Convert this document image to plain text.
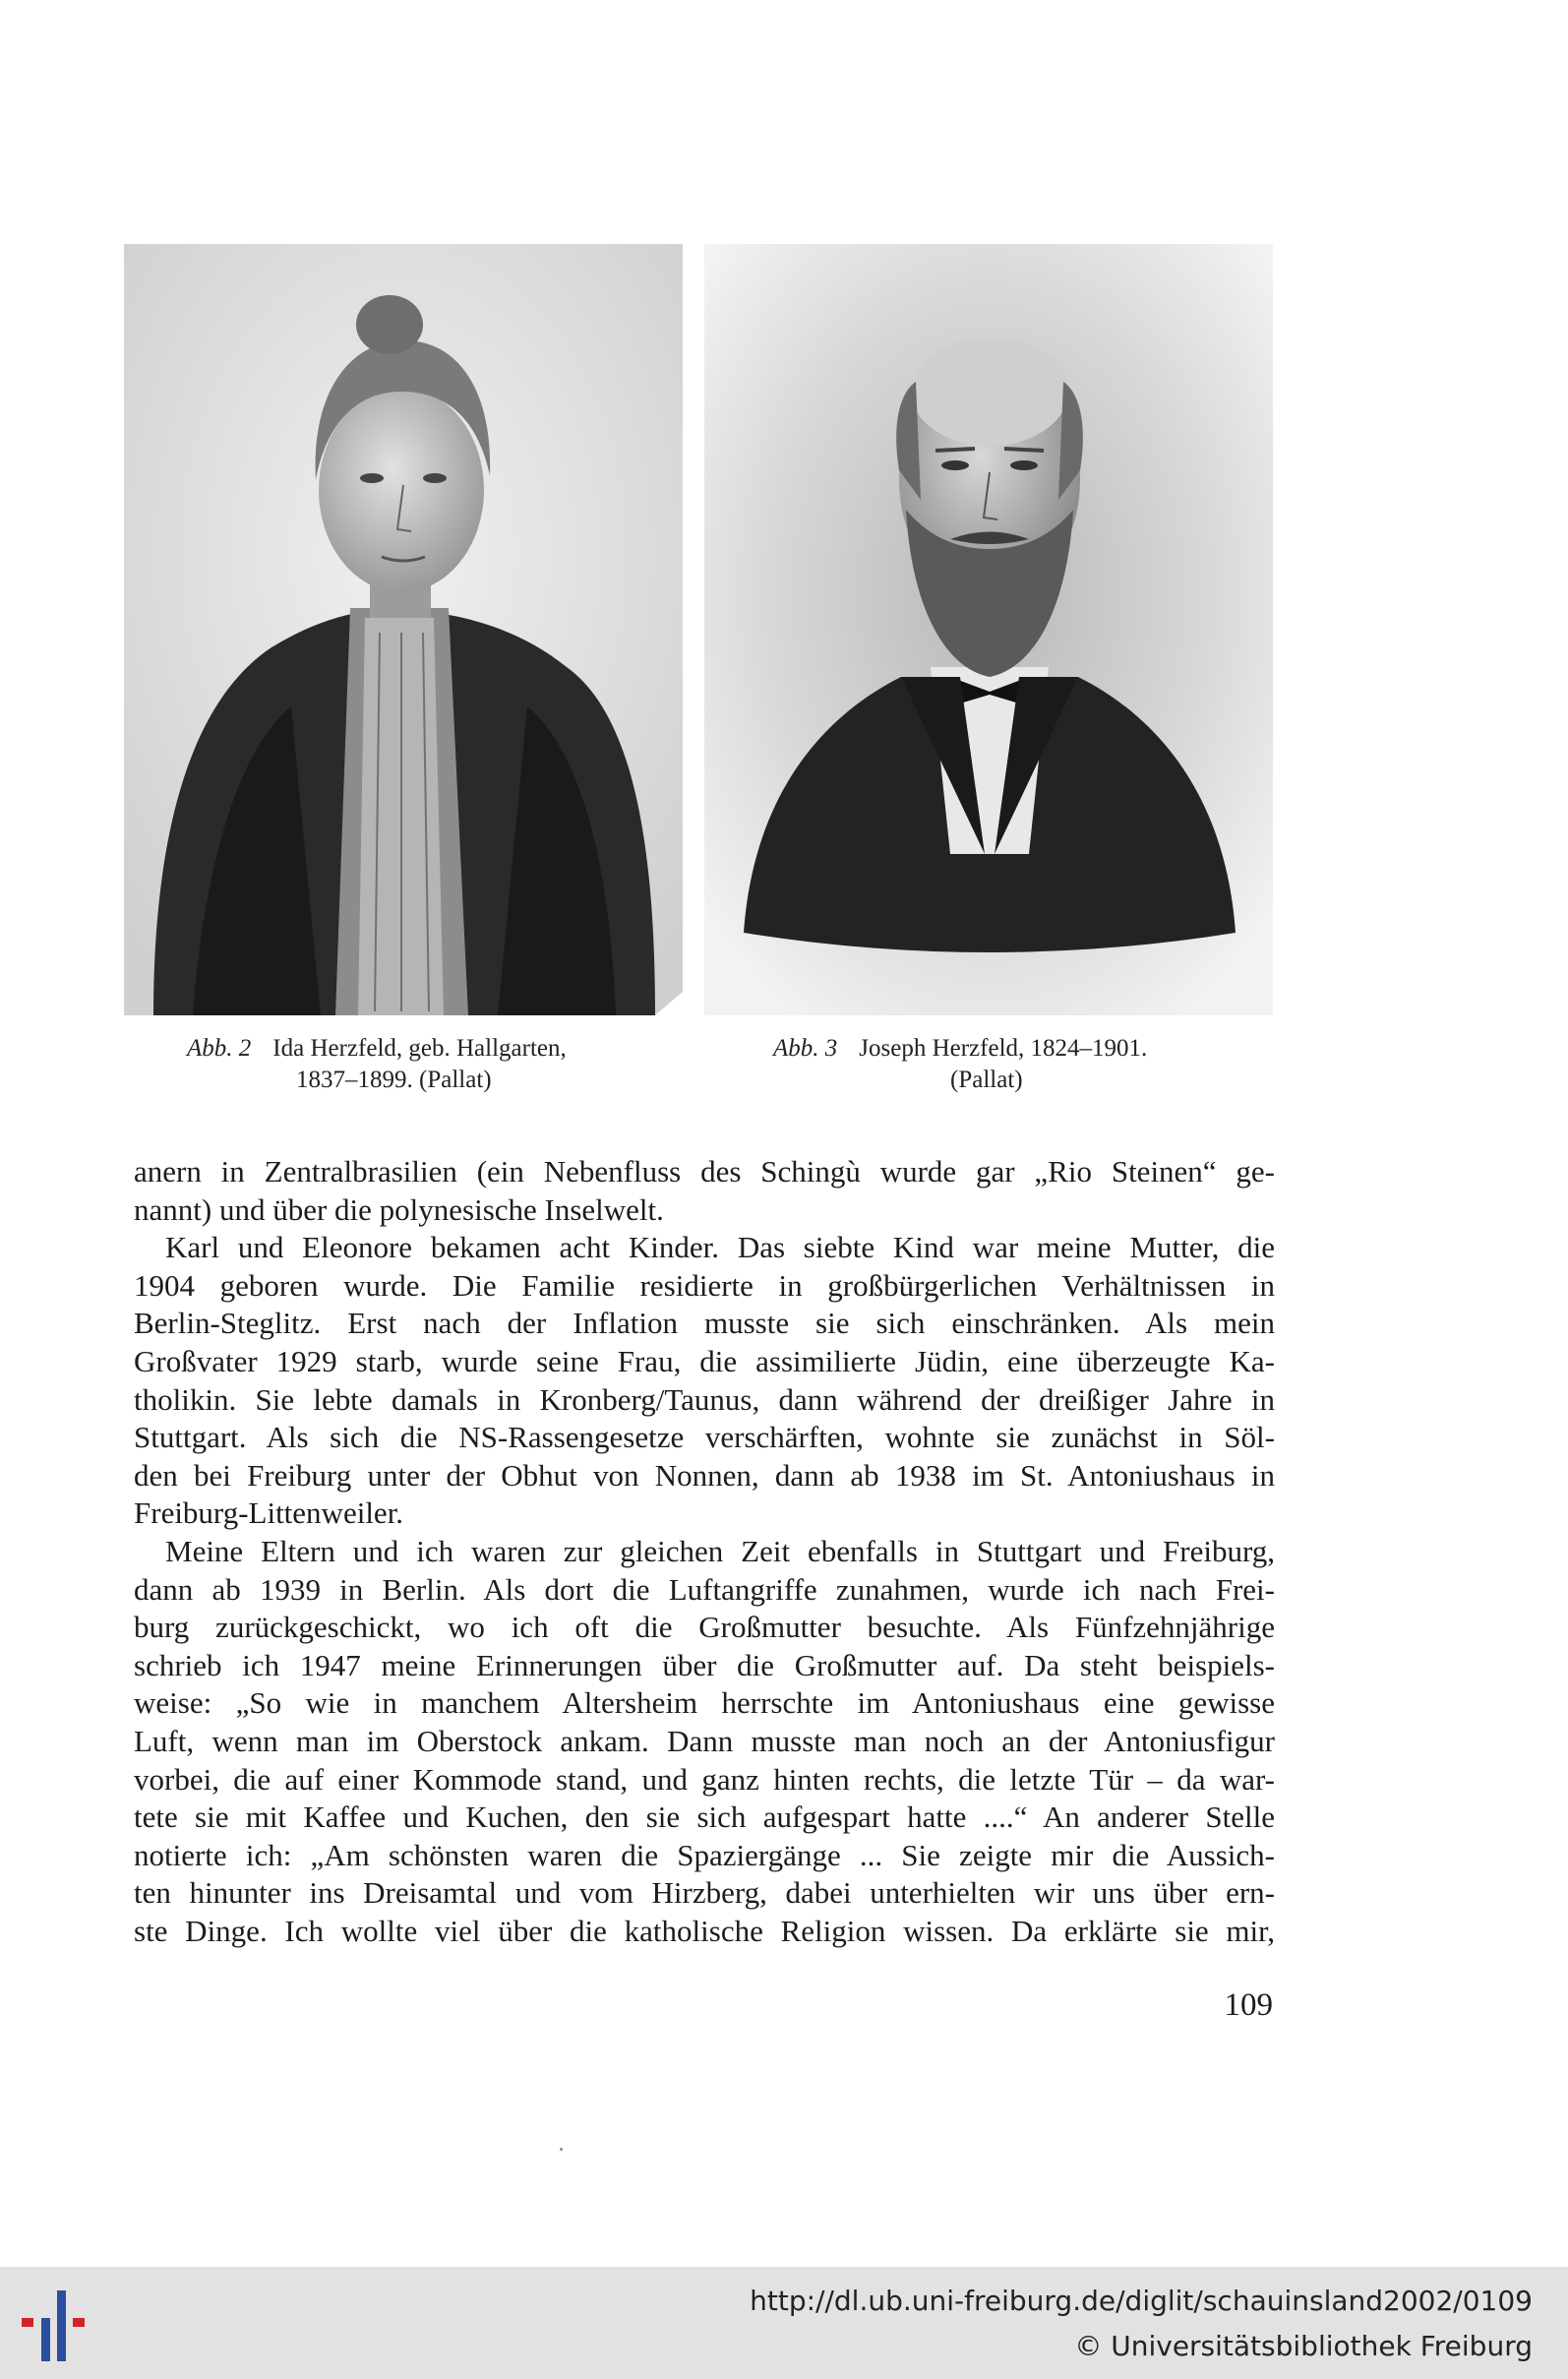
Abb. 2 Ida Herzfeld, geb. Hallgarten,
1837–1899. (Pallat)
Abb. 3 Joseph Herzfeld, 1824–1901.
(Pallat)
anern in Zentralbrasilien (ein Nebenfluss des Schingù wurde gar „Rio Steinen“ ge-
nannt) und über die polynesische Inselwelt.
Karl und Eleonore bekamen acht Kinder. Das siebte Kind war meine Mutter, die
1904 geboren wurde. Die Familie residierte in großbürgerlichen Verhältnissen in
Berlin-Steglitz. Erst nach der Inflation musste sie sich einschränken. Als mein
Großvater 1929 starb, wurde seine Frau, die assimilierte Jüdin, eine überzeugte Ka-
tholikin. Sie lebte damals in Kronberg/Taunus, dann während der dreißiger Jahre in
Stuttgart. Als sich die NS-Rassengesetze verschärften, wohnte sie zunächst in Söl-
den bei Freiburg unter der Obhut von Nonnen, dann ab 1938 im St. Antoniushaus in
Freiburg-Littenweiler.
Meine Eltern und ich waren zur gleichen Zeit ebenfalls in Stuttgart und Freiburg,
dann ab 1939 in Berlin. Als dort die Luftangriffe zunahmen, wurde ich nach Frei-
burg zurückgeschickt, wo ich oft die Großmutter besuchte. Als Fünfzehnjährige
schrieb ich 1947 meine Erinnerungen über die Großmutter auf. Da steht beispiels-
weise: „So wie in manchem Altersheim herrschte im Antoniushaus eine gewisse
Luft, wenn man im Oberstock ankam. Dann musste man noch an der Antoniusfigur
vorbei, die auf einer Kommode stand, und ganz hinten rechts, die letzte Tür – da war-
tete sie mit Kaffee und Kuchen, den sie sich aufgespart hatte ....“ An anderer Stelle
notierte ich: „Am schönsten waren die Spaziergänge ... Sie zeigte mir die Aussich-
ten hinunter ins Dreisamtal und vom Hirzberg, dabei unterhielten wir uns über ern-
ste Dinge. Ich wollte viel über die katholische Religion wissen. Da erklärte sie mir,
109
http://dl.ub.uni-freiburg.de/diglit/schauinsland2002/0109
© Universitätsbibliothek Freiburg
